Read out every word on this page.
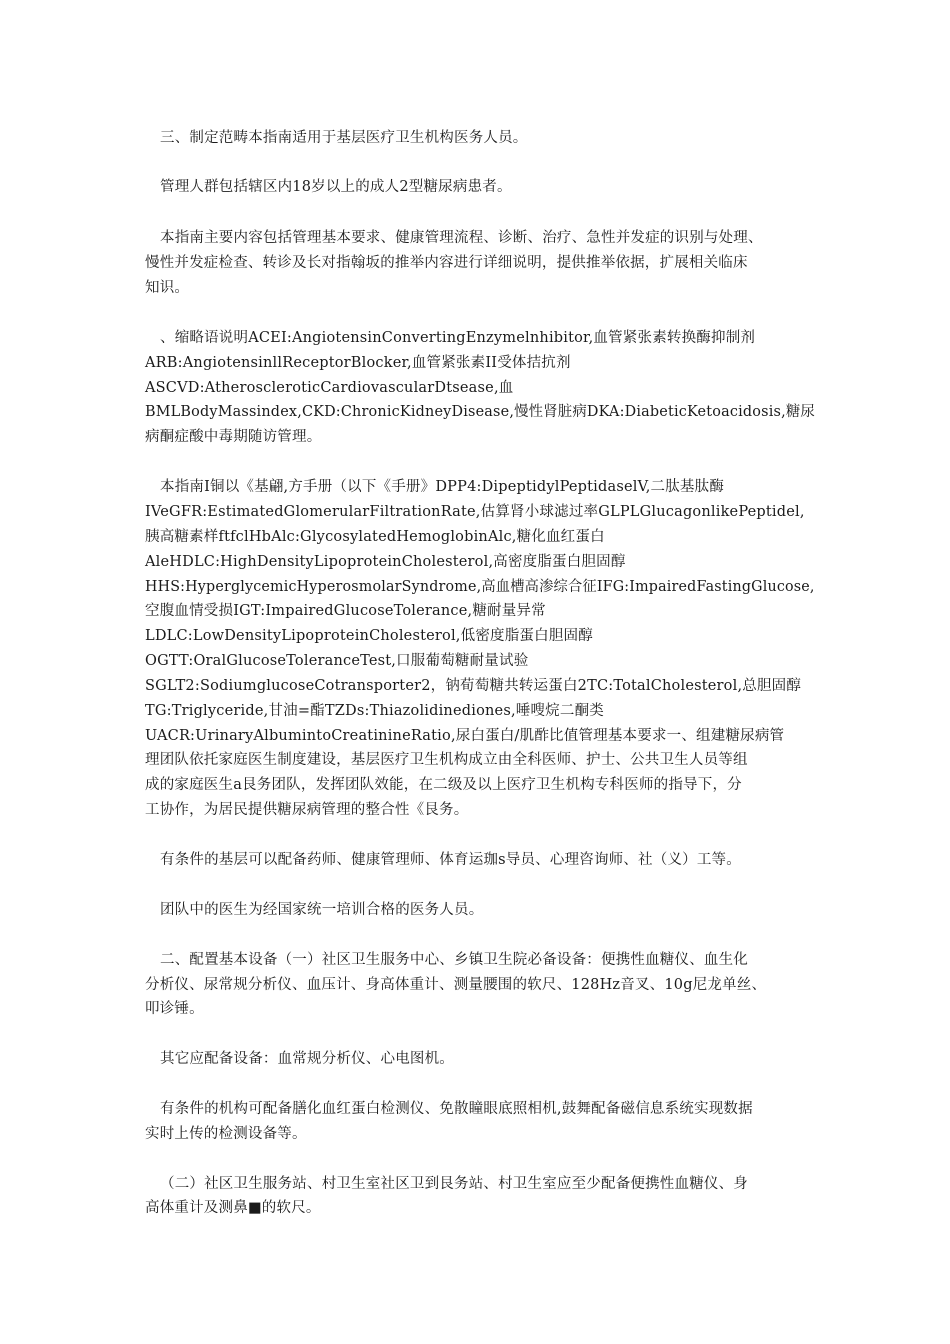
三、制定范畴本指南适用于基层医疗卫生机构医务人员。
管理人群包括辖区内18岁以上的成人2型糖尿病患者。
本指南主要内容包括管理基本要求、健康管理流程、诊断、治疗、急性并发症的识别与处理、
慢性并发症检查、转诊及长对指翰坂的推举内容进行详细说明，提供推举依据，扩展相关临床
知识。
、缩略语说明ACEI:AngiotensinConvertingEnzymelnhibitor,血管紧张素转换酶抑制剂
ARB:AngiotensinllReceptorBlocker,血管紧张素II受体拮抗剂
ASCVD:AtheroscleroticCardiovascularDtsease,血
BMLBodyMassindex,CKD:ChronicKidneyDisease,慢性肾脏病DKA:DiabeticKetoacidosis,糖尿
病酮症酸中毒期随访管理。
本指南I铜以《基翩,方手册（以下《手册》DPP4:DipeptidylPeptidaselV,二肽基肽酶
IVeGFR:EstimatedGlomerularFiltrationRate,估算肾小球滤过率GLPLGlucagonlikePeptidel,
胰高糖素样ftfclHbAlc:GlycosylatedHemoglobinAlc,糖化血红蛋白
AleHDLC:HighDensityLipoproteinCholesterol,高密度脂蛋白胆固醇
HHS:HyperglycemicHyperosmolarSyndrome,高血槽高渗综合征IFG:ImpairedFastingGlucose,
空腹血情受损IGT:ImpairedGlucoseTolerance,糖耐量异常
LDLC:LowDensityLipoproteinCholesterol,低密度脂蛋白胆固醇
OGTT:OralGlucoseToleranceTest,口服葡萄糖耐量试验
SGLT2:SodiumglucoseCotransporter2，钠荀萄糖共转运蛋白2TC:TotalCholesterol,总胆固醇
TG:Triglyceride,甘油=酯TZDs:Thiazolidinediones,唾嗖烷二酮类
UACR:UrinaryAlbumintoCreatinineRatio,尿白蛋白/肌酢比值管理基本要求一、组建糖尿病管
理团队依托家庭医生制度建设，基层医疗卫生机构成立由全科医师、护士、公共卫生人员等组
成的家庭医生a艮务团队，发挥团队效能，在二级及以上医疗卫生机构专科医师的指导下，分
工协作，为居民提供糖尿病管理的整合性《艮务。
有条件的基层可以配备药师、健康管理师、体育运珈s导员、心理咨询师、社（义）工等。
团队中的医生为经国家统一培训合格的医务人员。
二、配置基本设备（一）社区卫生服务中心、乡镇卫生院必备设备：便携性血糖仪、血生化
分析仪、尿常规分析仪、血压计、身高体重计、测量腰围的软尺、128Hz音叉、10g尼龙单丝、
叩诊锤。
其它应配备设备：血常规分析仪、心电图机。
有条件的机构可配备膳化血红蛋白检测仪、免散瞳眼底照相机,鼓舞配备磁信息系统实现数据
实时上传的检测设备等。
（二）社区卫生服务站、村卫生室社区卫到艮务站、村卫生室应至少配备便携性血糖仪、身
高体重计及测鼻■的软尺。
